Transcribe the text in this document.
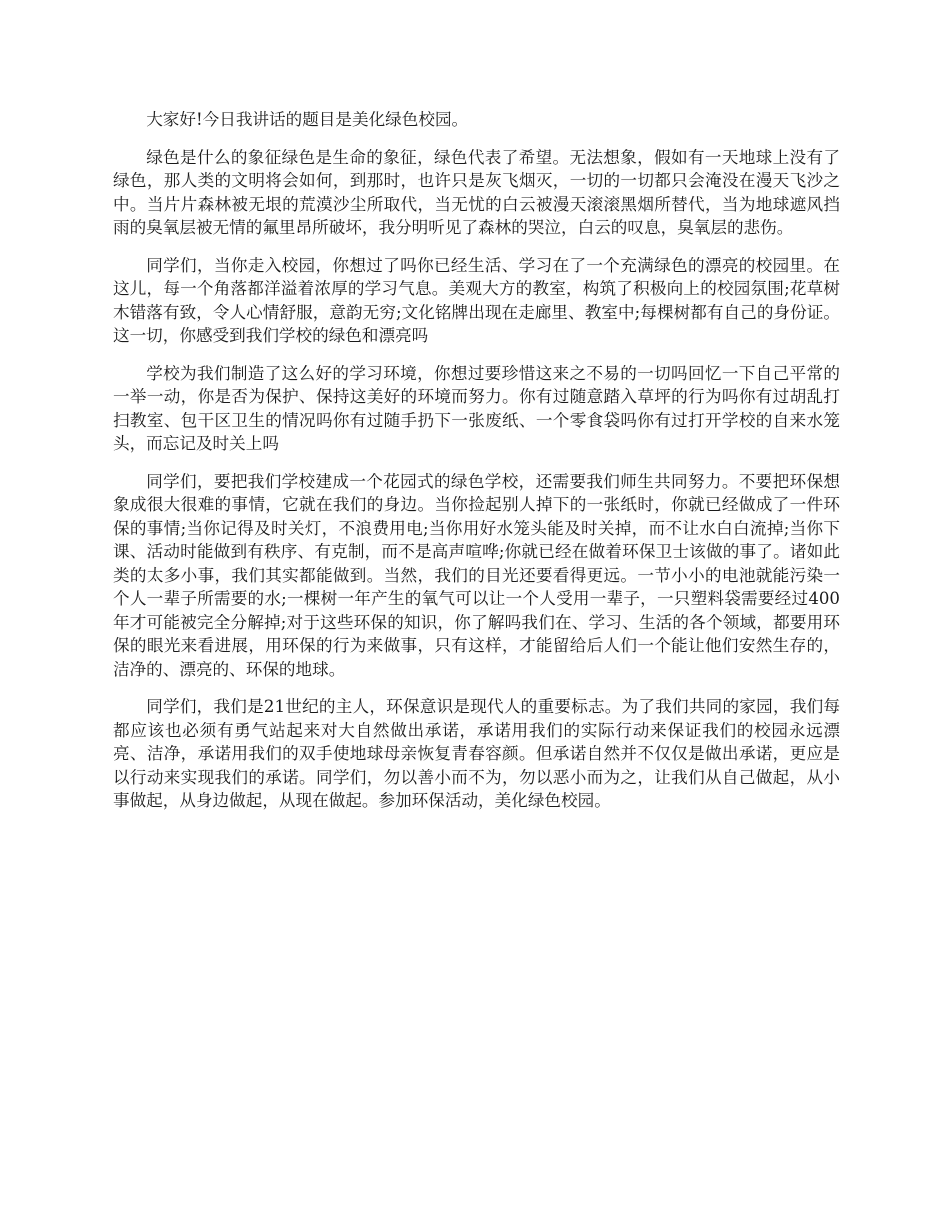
大家好!今日我讲话的题目是美化绿色校园。

绿色是什么的象征绿色是生命的象征，绿色代表了希望。无法想象，假如有一天地球上没有了绿色，那人类的文明将会如何，到那时，也许只是灰飞烟灭，一切的一切都只会淹没在漫天飞沙之中。当片片森林被无垠的荒漠沙尘所取代，当无忧的白云被漫天滚滚黑烟所替代，当为地球遮风挡雨的臭氧层被无情的氟里昂所破坏，我分明听见了森林的哭泣，白云的叹息，臭氧层的悲伤。

同学们，当你走入校园，你想过了吗你已经生活、学习在了一个充满绿色的漂亮的校园里。在这儿，每一个角落都洋溢着浓厚的学习气息。美观大方的教室，构筑了积极向上的校园氛围;花草树木错落有致，令人心情舒服，意韵无穷;文化铭牌出现在走廊里、教室中;每棵树都有自己的身份证。这一切，你感受到我们学校的绿色和漂亮吗

学校为我们制造了这么好的学习环境，你想过要珍惜这来之不易的一切吗回忆一下自己平常的一举一动，你是否为保护、保持这美好的环境而努力。你有过随意踏入草坪的行为吗你有过胡乱打扫教室、包干区卫生的情况吗你有过随手扔下一张废纸、一个零食袋吗你有过打开学校的自来水笼头，而忘记及时关上吗

同学们，要把我们学校建成一个花园式的绿色学校，还需要我们师生共同努力。不要把环保想象成很大很难的事情，它就在我们的身边。当你捡起别人掉下的一张纸时，你就已经做成了一件环保的事情;当你记得及时关灯，不浪费用电;当你用好水笼头能及时关掉，而不让水白白流掉;当你下课、活动时能做到有秩序、有克制，而不是高声喧哗;你就已经在做着环保卫士该做的事了。诸如此类的太多小事，我们其实都能做到。当然，我们的目光还要看得更远。一节小小的电池就能污染一个人一辈子所需要的水;一棵树一年产生的氧气可以让一个人受用一辈子，一只塑料袋需要经过400年才可能被完全分解掉;对于这些环保的知识，你了解吗我们在、学习、生活的各个领域，都要用环保的眼光来看进展，用环保的行为来做事，只有这样，才能留给后人们一个能让他们安然生存的，洁净的、漂亮的、环保的地球。

同学们，我们是21世纪的主人，环保意识是现代人的重要标志。为了我们共同的家园，我们每都应该也必须有勇气站起来对大自然做出承诺，承诺用我们的实际行动来保证我们的校园永远漂亮、洁净，承诺用我们的双手使地球母亲恢复青春容颜。但承诺自然并不仅仅是做出承诺，更应是以行动来实现我们的承诺。同学们，勿以善小而不为，勿以恶小而为之，让我们从自己做起，从小事做起，从身边做起，从现在做起。参加环保活动，美化绿色校园。
